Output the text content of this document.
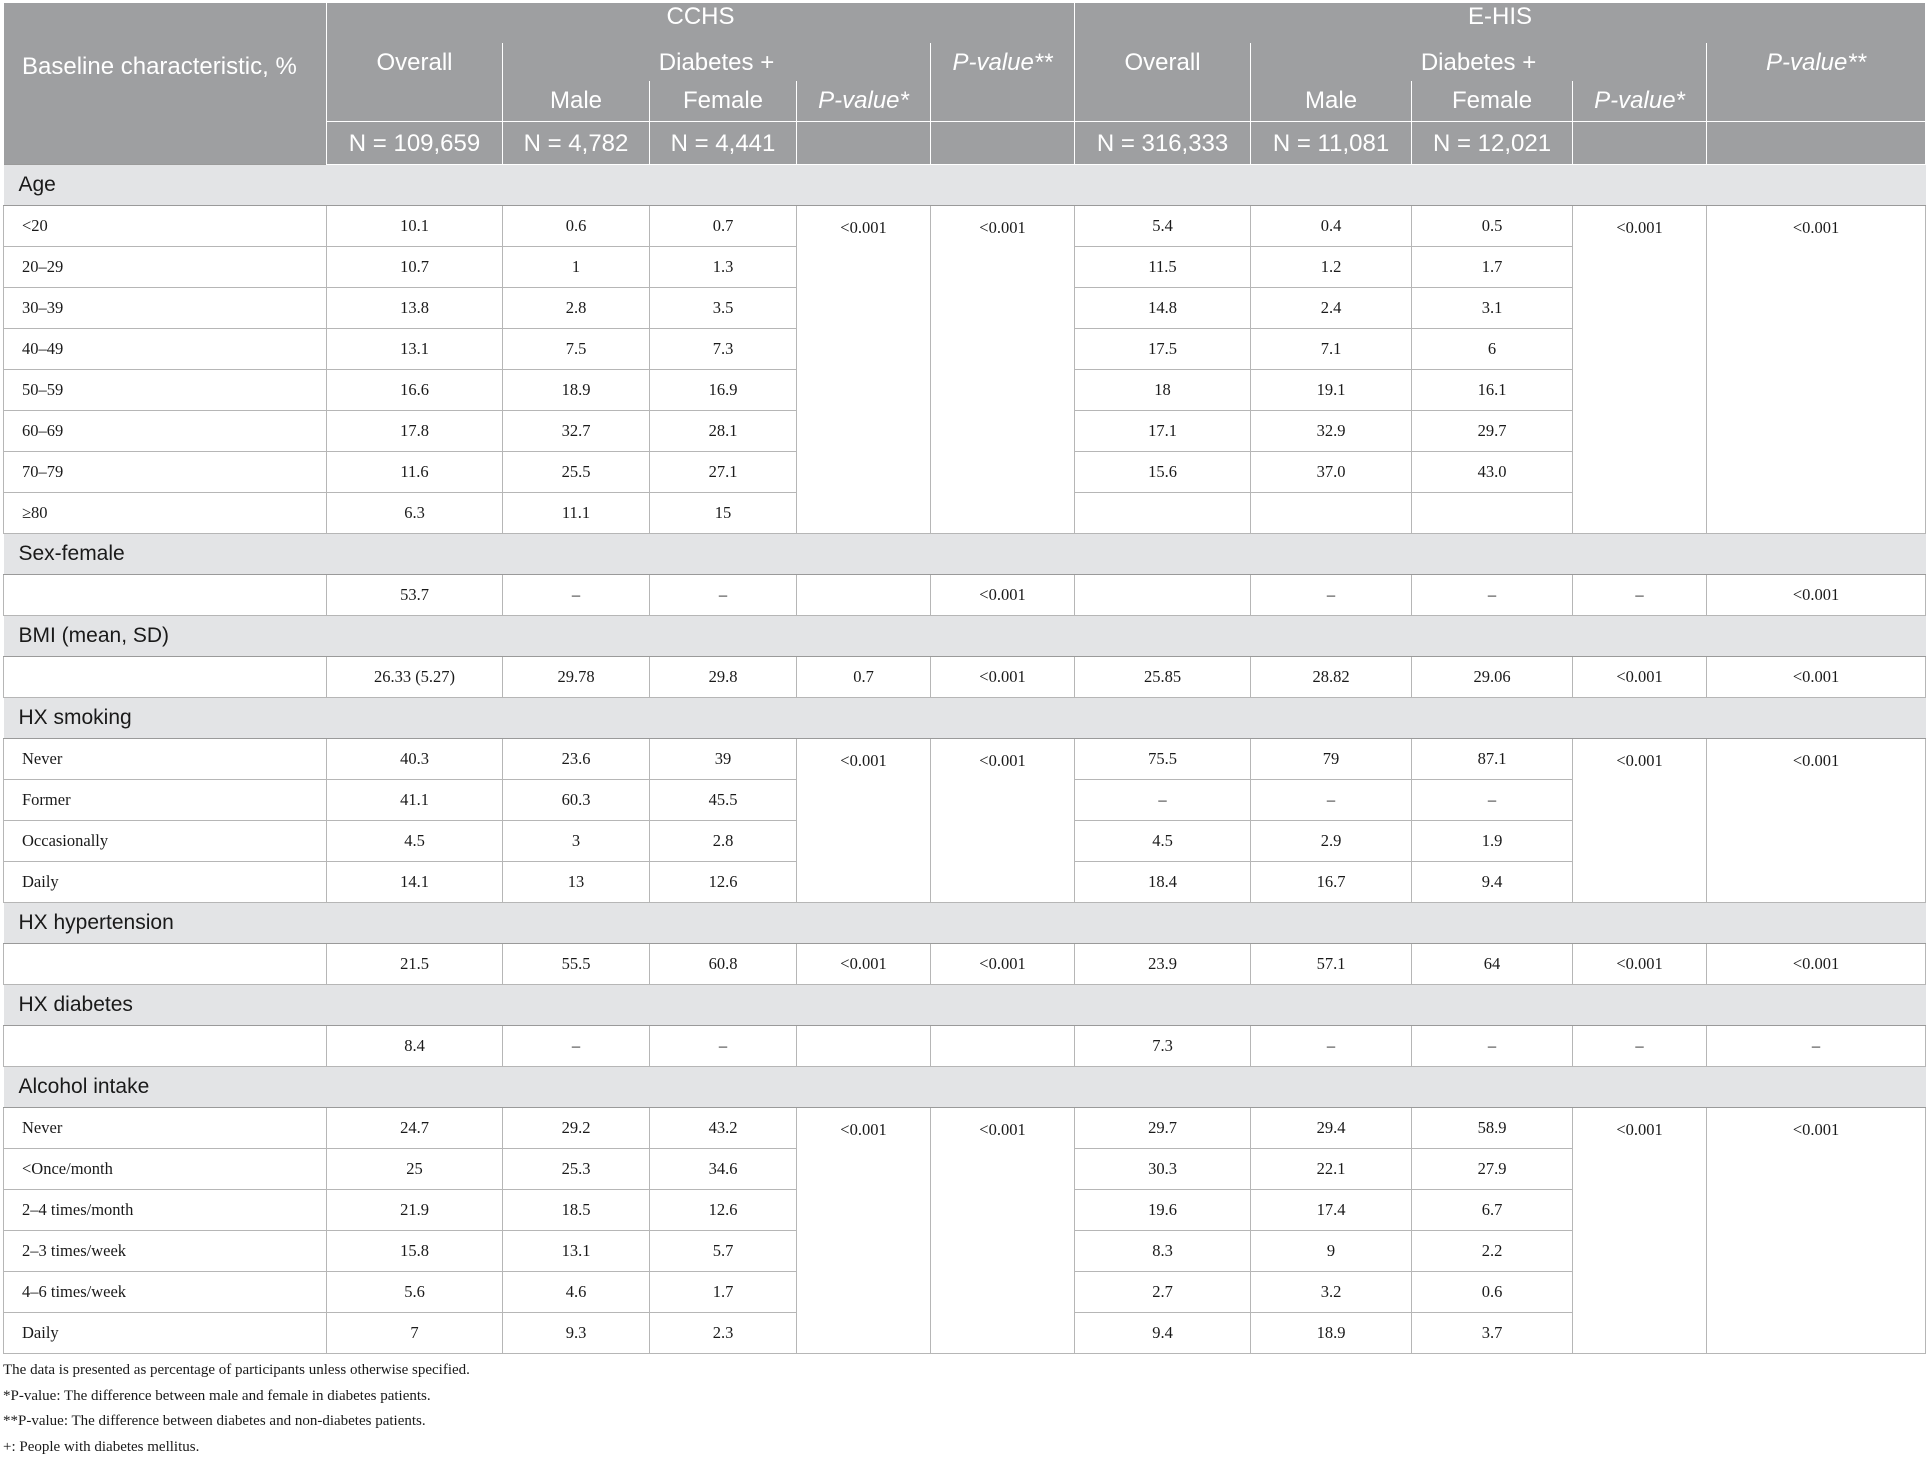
Baseline characteristic, %	CCHS					E-HIS				
	Overall	Diabetes +			P-value**	Overall	Diabetes +			P-value**
		Male	Female	P-value*			Male	Female	P-value*	
	N = 109,659	N = 4,782	N = 4,441			N = 316,333	N = 11,081	N = 12,021		
Age										
<20	10.1	0.6	0.7	<0.001	<0.001	5.4	0.4	0.5	<0.001	<0.001
20–29	10.7	1	1.3			11.5	1.2	1.7		
30–39	13.8	2.8	3.5			14.8	2.4	3.1		
40–49	13.1	7.5	7.3			17.5	7.1	6		
50–59	16.6	18.9	16.9			18	19.1	16.1		
60–69	17.8	32.7	28.1			17.1	32.9	29.7		
70–79	11.6	25.5	27.1			15.6	37.0	43.0		
≥80	6.3	11.1	15							
Sex-female										
	53.7	–	–		<0.001		–	–	–	<0.001
BMI (mean, SD)										
	26.33 (5.27)	29.78	29.8	0.7	<0.001	25.85	28.82	29.06	<0.001	<0.001
HX smoking										
Never	40.3	23.6	39	<0.001	<0.001	75.5	79	87.1	<0.001	<0.001
Former	41.1	60.3	45.5			–	–	–		
Occasionally	4.5	3	2.8			4.5	2.9	1.9		
Daily	14.1	13	12.6			18.4	16.7	9.4		
HX hypertension										
	21.5	55.5	60.8	<0.001	<0.001	23.9	57.1	64	<0.001	<0.001
HX diabetes										
	8.4	–	–			7.3	–	–	–	–
Alcohol intake										
Never	24.7	29.2	43.2	<0.001	<0.001	29.7	29.4	58.9	<0.001	<0.001
<Once/month	25	25.3	34.6			30.3	22.1	27.9		
2–4 times/month	21.9	18.5	12.6			19.6	17.4	6.7		
2–3 times/week	15.8	13.1	5.7			8.3	9	2.2		
4–6 times/week	5.6	4.6	1.7			2.7	3.2	0.6		
Daily	7	9.3	2.3			9.4	18.9	3.7		
The data is presented as percentage of participants unless otherwise specified.
*P-value: The difference between male and female in diabetes patients.
**P-value: The difference between diabetes and non-diabetes patients.
+: People with diabetes mellitus.
